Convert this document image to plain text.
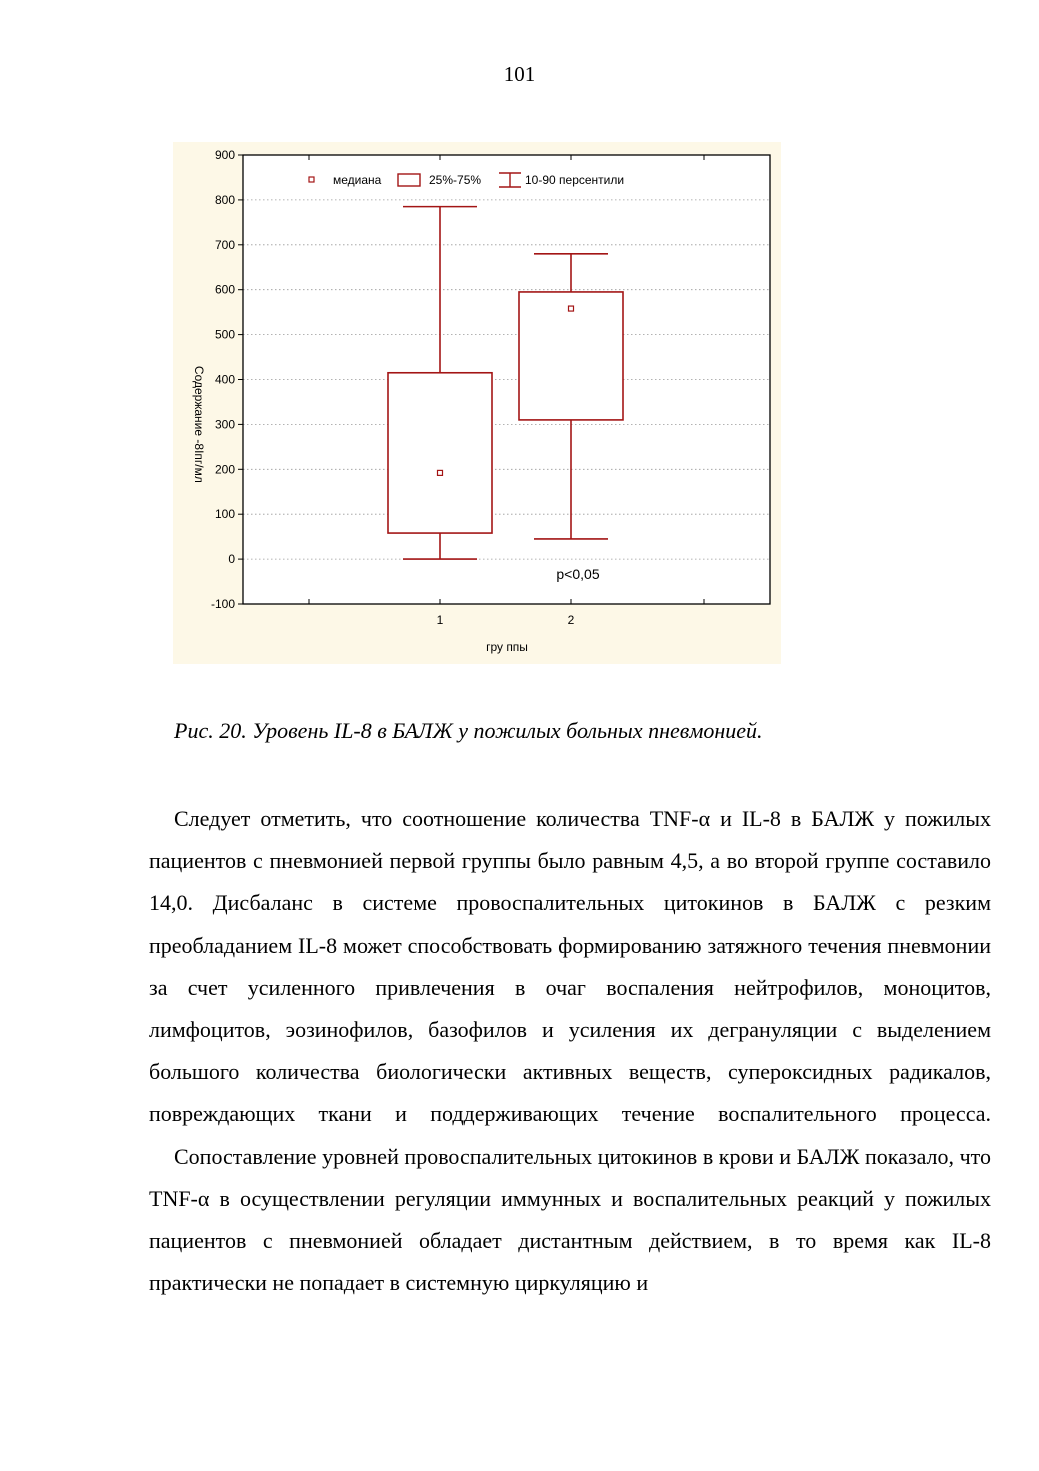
101
-100
0
100
200
300
400
500
600
700
800
900
1	2
гру ппы
Содержание -8Iпг/мл
p<0,05
медиана	25%-75%	10-90 персентили
Рис. 20. Уровень IL-8 в БАЛЖ у пожилых больных пневмонией.

Следует отметить, что соотношение количества TNF-α и IL-8 в БАЛЖ у пожилых пациентов с пневмонией первой группы было равным 4,5, а во второй группе составило 14,0. Дисбаланс в системе провоспалительных цитокинов в БАЛЖ с резким преобладанием IL-8 может способствовать формированию затяжного течения пневмонии за счет усиленного привлечения в очаг воспаления нейтрофилов, моноцитов, лимфоцитов, эозинофилов, базофилов и усиления их дегрануляции с выделением большого количества биологически активных веществ, супероксидных радикалов, повреждающих ткани и поддерживающих течение воспалительного процесса.

Сопоставление уровней провоспалительных цитокинов в крови и БАЛЖ показало, что TNF-α в осуществлении регуляции иммунных и воспалительных реакций у пожилых пациентов с пневмонией обладает дистантным действием, в то время как IL-8 практически не попадает в системную циркуляцию и
